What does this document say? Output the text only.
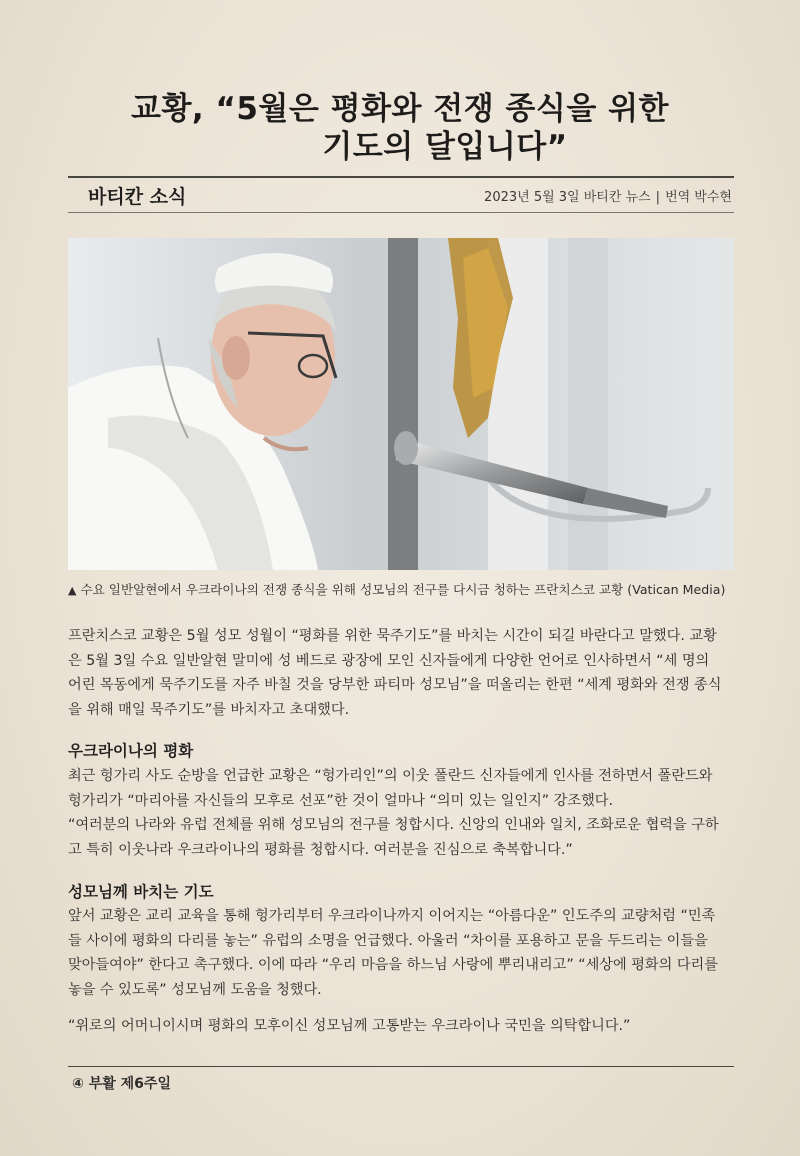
교황, “5월은 평화와 전쟁 종식을 위한
기도의 달입니다”
바티칸 소식	2023년 5월 3일 바티칸 뉴스 | 번역 박수현
▲ 수요 일반알현에서 우크라이나의 전쟁 종식을 위해 성모님의 전구를 다시금 청하는 프란치스코 교황 (Vatican Media)
프란치스코 교황은 5월 성모 성월이 “평화를 위한 묵주기도”를 바치는 시간이 되길 바란다고 말했다. 교황
은 5월 3일 수요 일반알현 말미에 성 베드로 광장에 모인 신자들에게 다양한 언어로 인사하면서 “세 명의
어린 목동에게 묵주기도를 자주 바칠 것을 당부한 파티마 성모님”을 떠올리는 한편 “세계 평화와 전쟁 종식
을 위해 매일 묵주기도”를 바치자고 초대했다.
우크라이나의 평화
최근 헝가리 사도 순방을 언급한 교황은 “헝가리인”의 이웃 폴란드 신자들에게 인사를 전하면서 폴란드와
헝가리가 “마리아를 자신들의 모후로 선포”한 것이 얼마나 “의미 있는 일인지” 강조했다.
“여러분의 나라와 유럽 전체를 위해 성모님의 전구를 청합시다. 신앙의 인내와 일치, 조화로운 협력을 구하
고 특히 이웃나라 우크라이나의 평화를 청합시다. 여러분을 진심으로 축복합니다.”
성모님께 바치는 기도
앞서 교황은 교리 교육을 통해 헝가리부터 우크라이나까지 이어지는 “아름다운” 인도주의 교량처럼 “민족
들 사이에 평화의 다리를 놓는” 유럽의 소명을 언급했다. 아울러 “차이를 포용하고 문을 두드리는 이들을
맞아들여야” 한다고 촉구했다. 이에 따라 “우리 마음을 하느님 사랑에 뿌리내리고” “세상에 평화의 다리를
놓을 수 있도록” 성모님께 도움을 청했다.
“위로의 어머니이시며 평화의 모후이신 성모님께 고통받는 우크라이나 국민을 의탁합니다.”
④ 부활 제6주일
